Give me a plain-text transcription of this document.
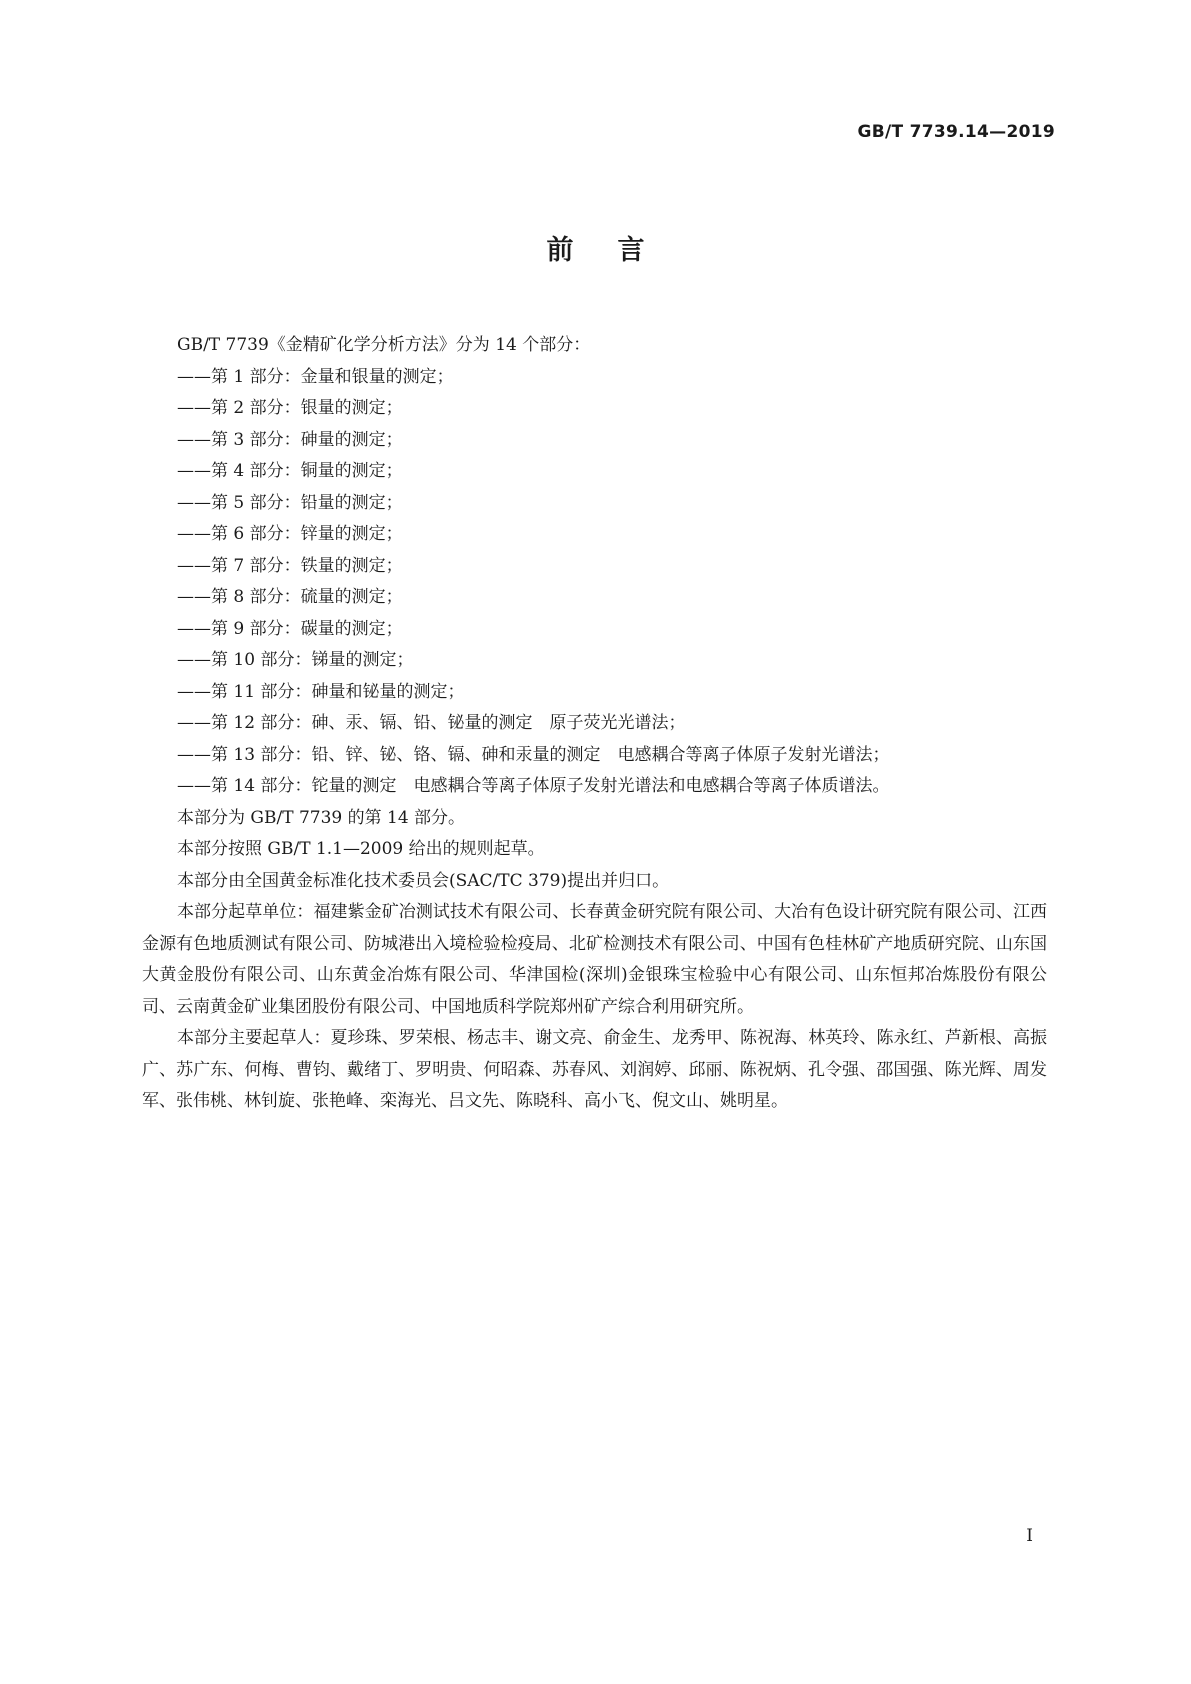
GB/T 7739.14—2019
前言

GB/T 7739《金精矿化学分析方法》分为 14 个部分：

——第 1 部分：金量和银量的测定；

——第 2 部分：银量的测定；

——第 3 部分：砷量的测定；

——第 4 部分：铜量的测定；

——第 5 部分：铅量的测定；

——第 6 部分：锌量的测定；

——第 7 部分：铁量的测定；

——第 8 部分：硫量的测定；

——第 9 部分：碳量的测定；

——第 10 部分：锑量的测定；

——第 11 部分：砷量和铋量的测定；

——第 12 部分：砷、汞、镉、铅、铋量的测定　原子荧光光谱法；

——第 13 部分：铅、锌、铋、铬、镉、砷和汞量的测定　电感耦合等离子体原子发射光谱法；

——第 14 部分：铊量的测定　电感耦合等离子体原子发射光谱法和电感耦合等离子体质谱法。

本部分为 GB/T 7739 的第 14 部分。

本部分按照 GB/T 1.1—2009 给出的规则起草。

本部分由全国黄金标准化技术委员会(SAC/TC 379)提出并归口。

本部分起草单位：福建紫金矿冶测试技术有限公司、长春黄金研究院有限公司、大冶有色设计研究院有限公司、江西金源有色地质测试有限公司、防城港出入境检验检疫局、北矿检测技术有限公司、中国有色桂林矿产地质研究院、山东国大黄金股份有限公司、山东黄金冶炼有限公司、华津国检(深圳)金银珠宝检验中心有限公司、山东恒邦冶炼股份有限公司、云南黄金矿业集团股份有限公司、中国地质科学院郑州矿产综合利用研究所。

本部分主要起草人：夏珍珠、罗荣根、杨志丰、谢文亮、俞金生、龙秀甲、陈祝海、林英玲、陈永红、芦新根、高振广、苏广东、何梅、曹钧、戴绪丁、罗明贵、何昭森、苏春风、刘润婷、邱丽、陈祝炳、孔令强、邵国强、陈光辉、周发军、张伟桃、林钊旋、张艳峰、栾海光、吕文先、陈晓科、高小飞、倪文山、姚明星。

I
